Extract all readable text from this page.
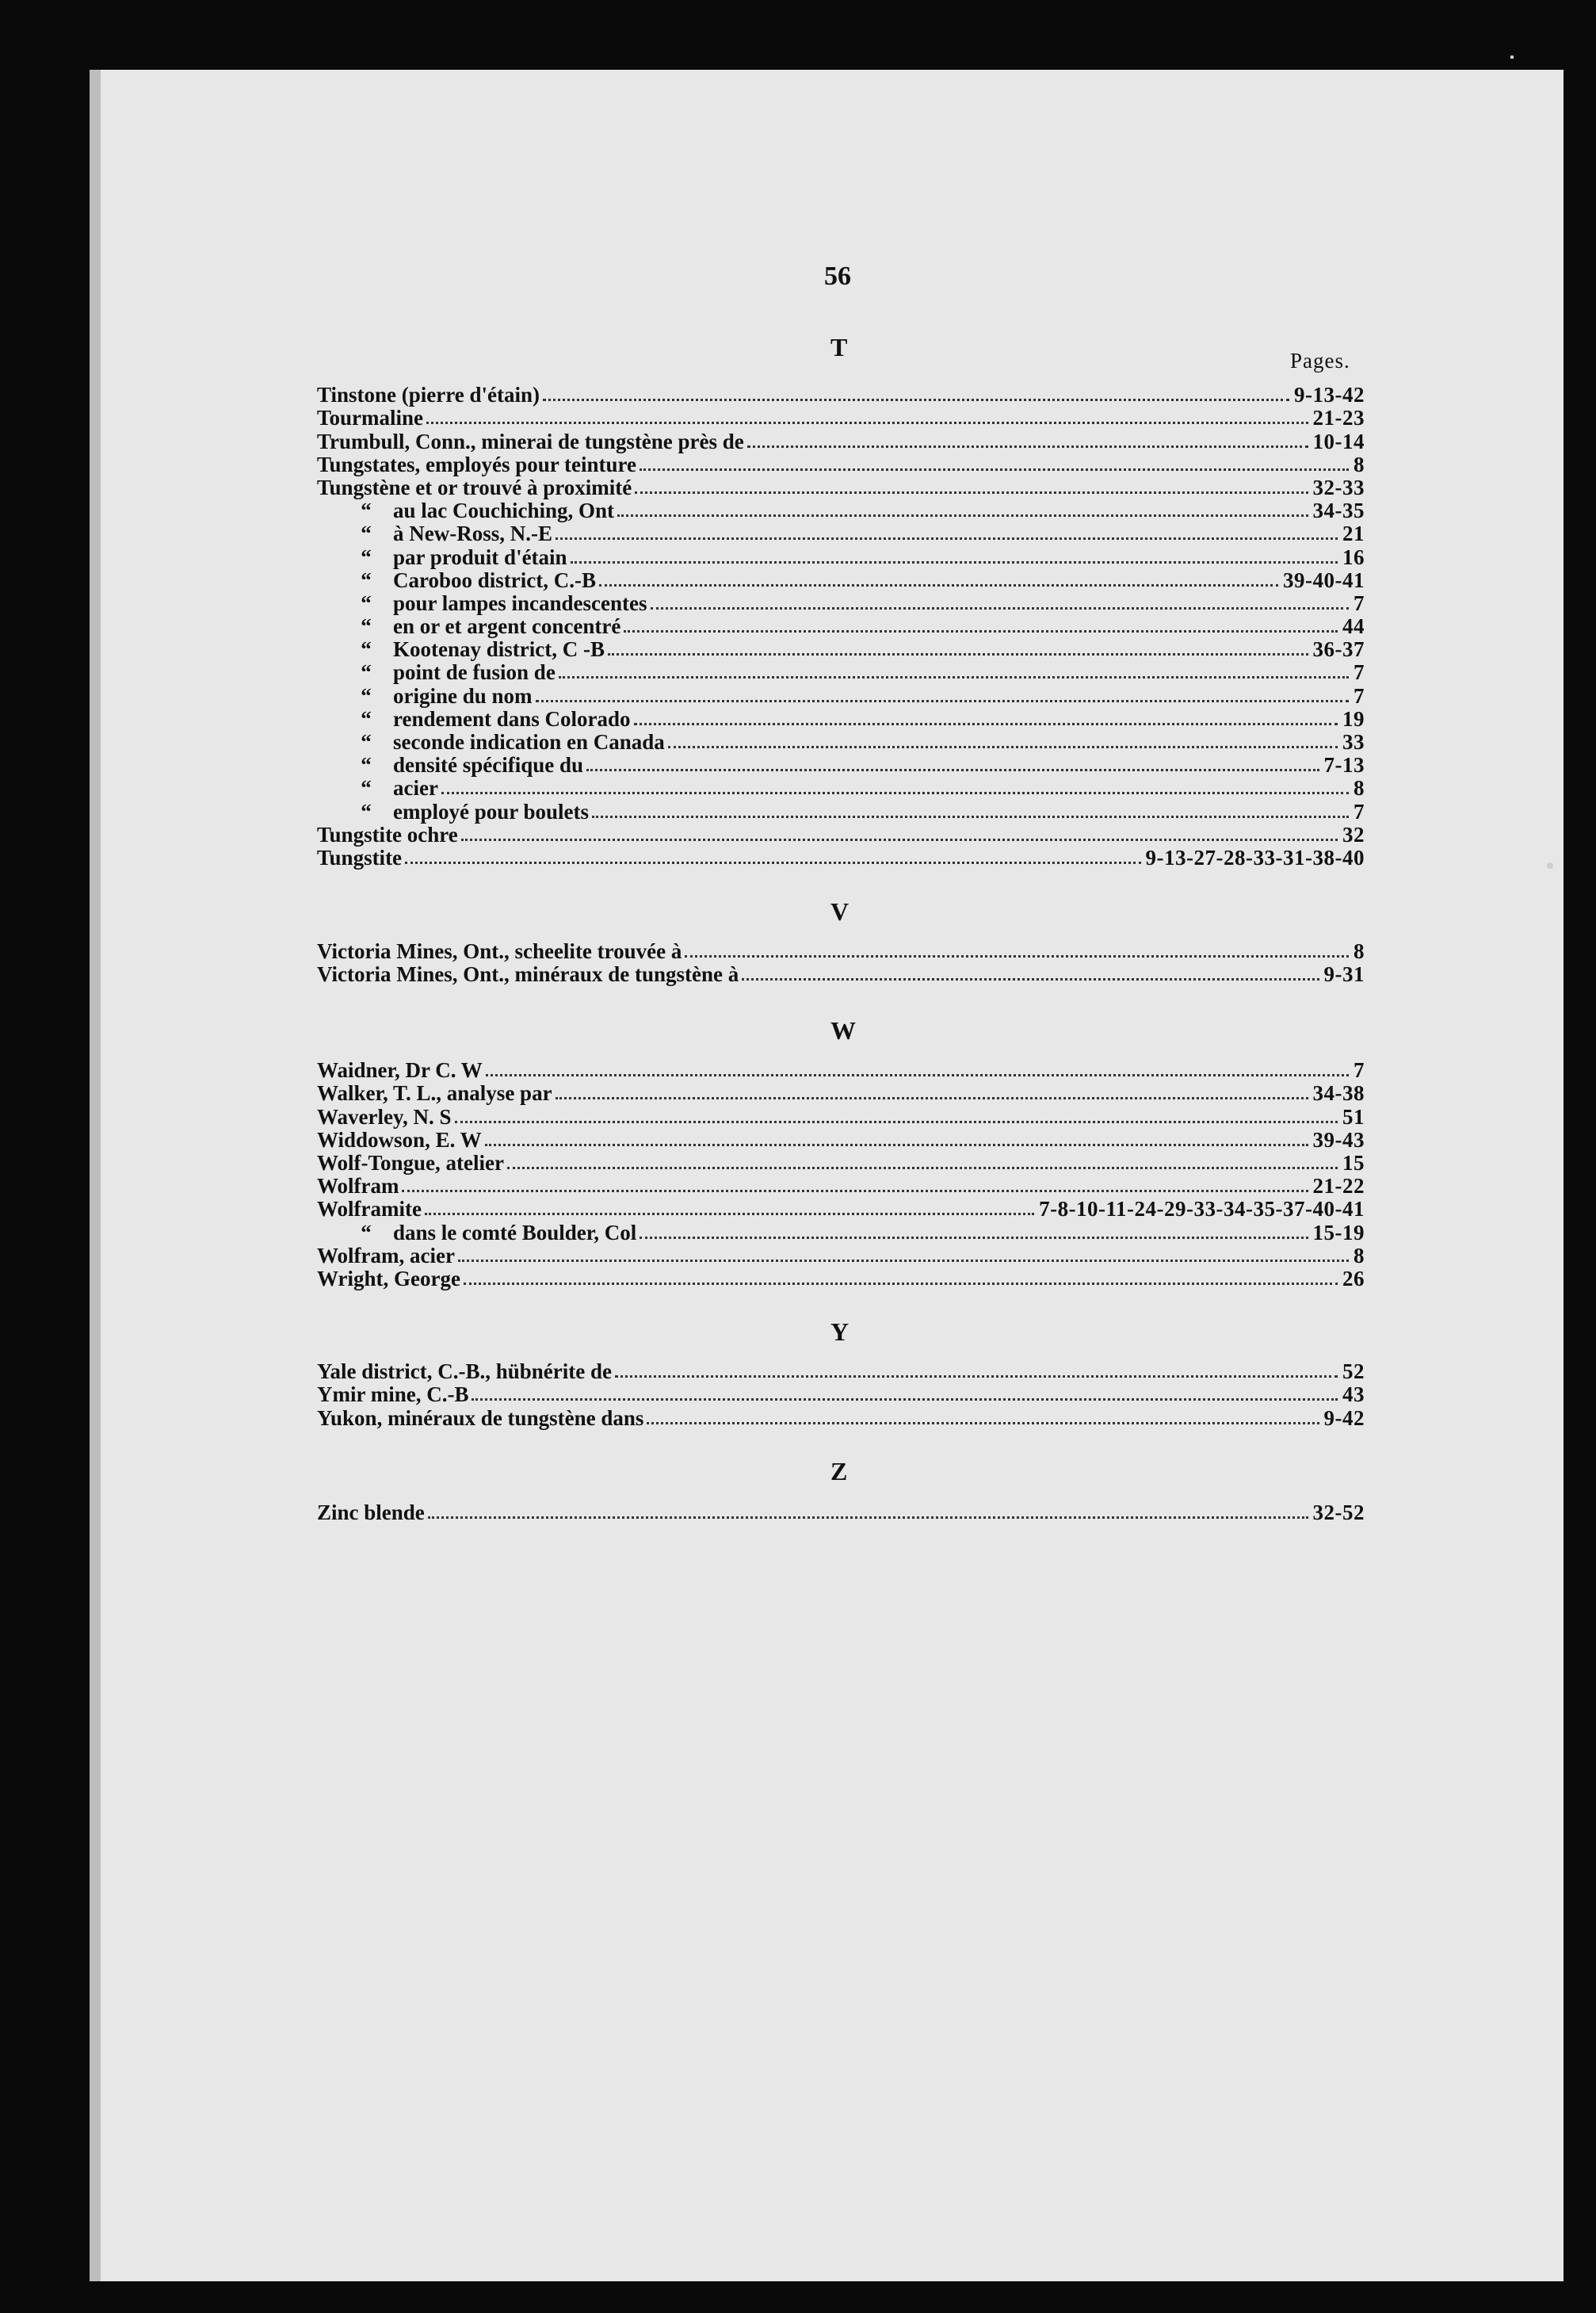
56
Pages.
T
V
W
Y
Z
Tinstone (pierre d'étain)	9-13-42
Tourmaline	21-23
Trumbull, Conn., minerai de tungstène près de	10-14
Tungstates, employés pour teinture	8
Tungstène et or trouvé à proximité	32-33
“	au lac Couchiching, Ont	34-35
“	à New-Ross, N.-E	21
“	par produit d'étain	16
“	Caroboo district, C.-B	39-40-41
“	pour lampes incandescentes	7
“	en or et argent concentré	44
“	Kootenay district, C -B	36-37
“	point de fusion de	7
“	origine du nom	7
“	rendement dans Colorado	19
“	seconde indication en Canada	33
“	densité spécifique du	7-13
“	acier	8
“	employé pour boulets	7
Tungstite ochre	32
Tungstite	9-13-27-28-33-31-38-40
Victoria Mines, Ont., scheelite trouvée à	8
Victoria Mines, Ont., minéraux de tungstène à	9-31
Waidner, Dr C. W	7
Walker, T. L., analyse par	34-38
Waverley, N. S	51
Widdowson, E. W	39-43
Wolf-Tongue, atelier	15
Wolfram	21-22
Wolframite	7-8-10-11-24-29-33-34-35-37-40-41
“	dans le comté Boulder, Col	15-19
Wolfram, acier	8
Wright, George	26
Yale district, C.-B., hübnérite de	52
Ymir mine, C.-B	43
Yukon, minéraux de tungstène dans	9-42
Zinc blende	32-52
